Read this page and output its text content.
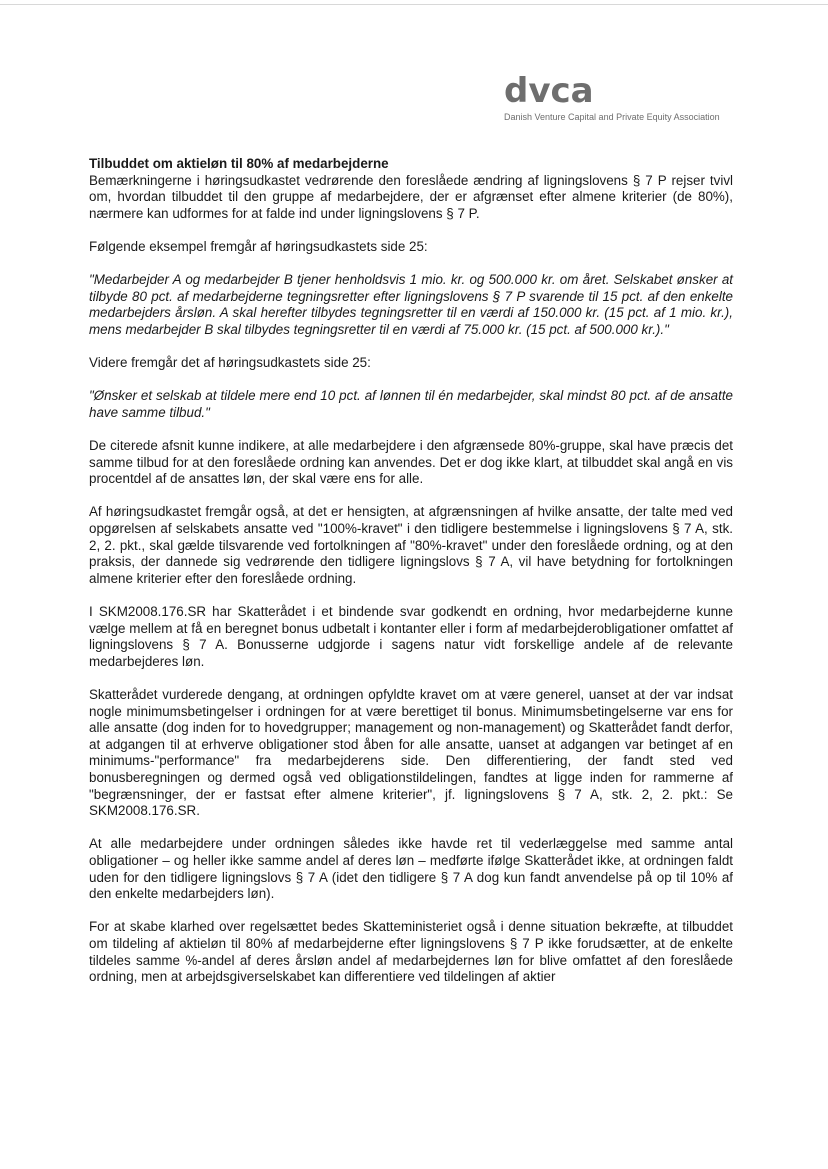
dvca
Danish Venture Capital and Private Equity Association
Tilbuddet om aktieløn til 80% af medarbejderne

Bemærkningerne i høringsudkastet vedrørende den foreslåede ændring af ligningslovens § 7 P rejser tvivl om, hvordan tilbuddet til den gruppe af medarbejdere, der er afgrænset efter almene kriterier (de 80%), nærmere kan udformes for at falde ind under ligningslovens § 7 P.

Følgende eksempel fremgår af høringsudkastets side 25:

"Medarbejder A og medarbejder B tjener henholdsvis 1 mio. kr. og 500.000 kr. om året. Selskabet ønsker at tilbyde 80 pct. af medarbejderne tegningsretter efter ligningslovens § 7 P svarende til 15 pct. af den enkelte medarbejders årsløn. A skal herefter tilbydes tegningsretter til en værdi af 150.000 kr. (15 pct. af 1 mio. kr.), mens medarbejder B skal tilbydes tegningsretter til en værdi af 75.000 kr. (15 pct. af 500.000 kr.)."

Videre fremgår det af høringsudkastets side 25:

"Ønsker et selskab at tildele mere end 10 pct. af lønnen til én medarbejder, skal mindst 80 pct. af de ansatte have samme tilbud."

De citerede afsnit kunne indikere, at alle medarbejdere i den afgrænsede 80%-gruppe, skal have præcis det samme tilbud for at den foreslåede ordning kan anvendes. Det er dog ikke klart, at tilbuddet skal angå en vis procentdel af de ansattes løn, der skal være ens for alle.

Af høringsudkastet fremgår også, at det er hensigten, at afgrænsningen af hvilke ansatte, der talte med ved opgørelsen af selskabets ansatte ved "100%-kravet" i den tidligere bestemmelse i ligningslovens § 7 A, stk. 2, 2. pkt., skal gælde tilsvarende ved fortolkningen af "80%-kravet" under den foreslåede ordning, og at den praksis, der dannede sig vedrørende den tidligere ligningslovs § 7 A, vil have betydning for fortolkningen almene kriterier efter den foreslåede ordning.

I SKM2008.176.SR har Skatterådet i et bindende svar godkendt en ordning, hvor medarbejderne kunne vælge mellem at få en beregnet bonus udbetalt i kontanter eller i form af medarbejderobligationer omfattet af ligningslovens § 7 A. Bonusserne udgjorde i sagens natur vidt forskellige andele af de relevante medarbejderes løn.

Skatterådet vurderede dengang, at ordningen opfyldte kravet om at være generel, uanset at der var indsat nogle minimumsbetingelser i ordningen for at være berettiget til bonus. Minimumsbetingelserne var ens for alle ansatte (dog inden for to hovedgrupper; management og non-management) og Skatterådet fandt derfor, at adgangen til at erhverve obligationer stod åben for alle ansatte, uanset at adgangen var betinget af en minimums-"performance" fra medarbejderens side. Den differentiering, der fandt sted ved bonusberegningen og dermed også ved obligationstildelingen, fandtes at ligge inden for rammerne af "begrænsninger, der er fastsat efter almene kriterier", jf. ligningslovens § 7 A, stk. 2, 2. pkt.: Se SKM2008.176.SR.

At alle medarbejdere under ordningen således ikke havde ret til vederlæggelse med samme antal obligationer – og heller ikke samme andel af deres løn – medførte ifølge Skatterådet ikke, at ordningen faldt uden for den tidligere ligningslovs § 7 A (idet den tidligere § 7 A dog kun fandt anvendelse på op til 10% af den enkelte medarbejders løn).

For at skabe klarhed over regelsættet bedes Skatteministeriet også i denne situation bekræfte, at tilbuddet om tildeling af aktieløn til 80% af medarbejderne efter ligningslovens § 7 P ikke forudsætter, at de enkelte tildeles samme %-andel af deres årsløn andel af medarbejdernes løn for blive omfattet af den foreslåede ordning, men at arbejdsgiverselskabet kan differentiere ved tildelingen af aktier
